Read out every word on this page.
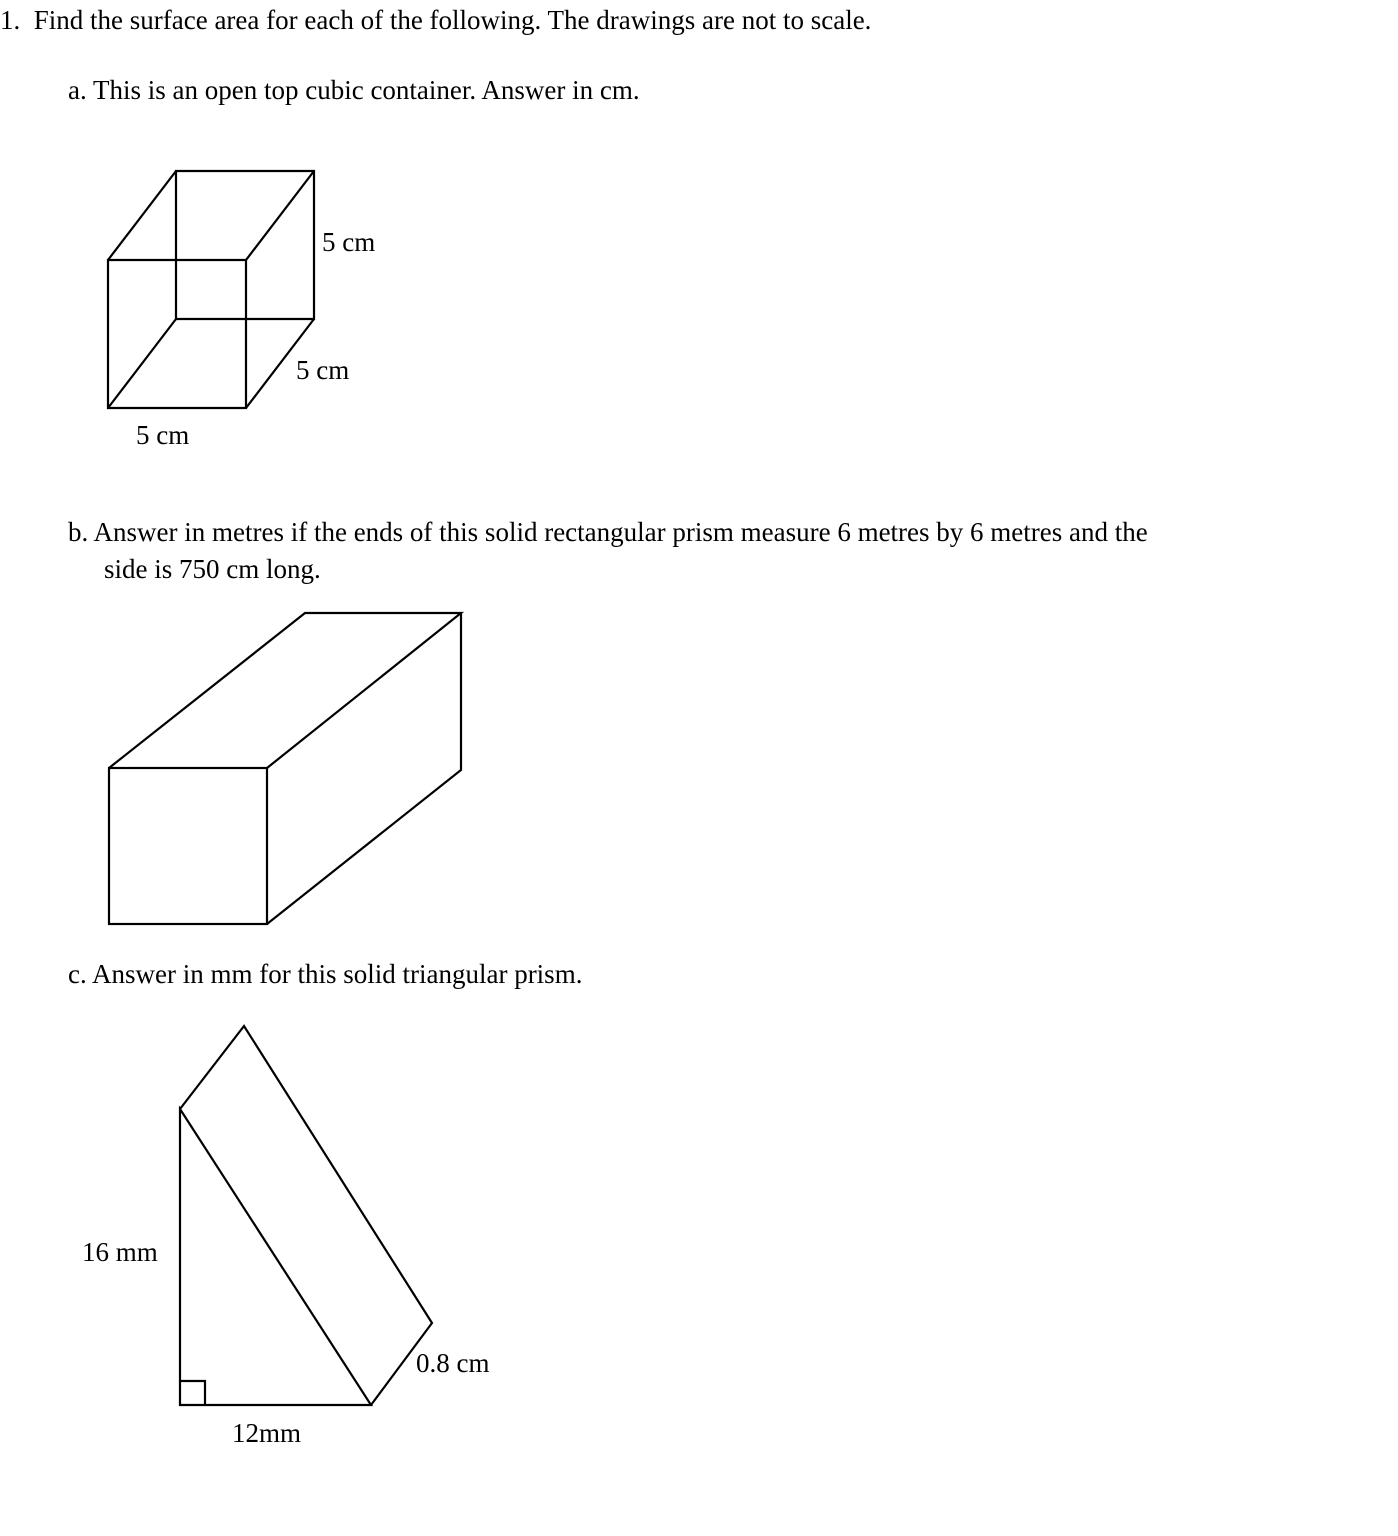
1. Find the surface area for each of the following. The drawings are not to scale.
a. This is an open top cubic container. Answer in cm.
b. Answer in metres if the ends of this solid rectangular prism measure 6 metres by 6 metres and the
side is 750 cm long.
c. Answer in mm for this solid triangular prism.
5 cm
5 cm
5 cm
16 mm
0.8 cm
12mm
